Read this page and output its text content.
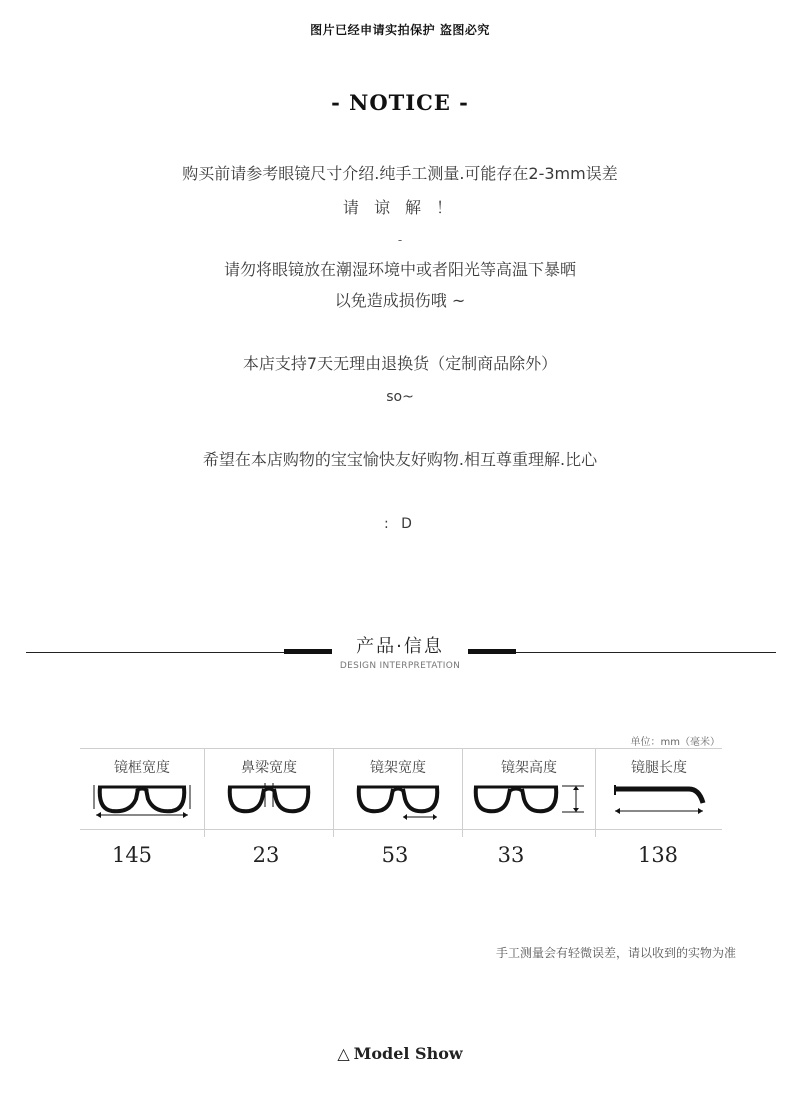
图片已经申请实拍保护 盗图必究
- NOTICE -
购买前请参考眼镜尺寸介绍.纯手工测量.可能存在2-3mm误差
请 谅 解 ！
-
请勿将眼镜放在潮湿环境中或者阳光等高温下暴晒
以免造成损伤哦 ~
本店支持7天无理由退换货（定制商品除外）
so~
希望在本店购物的宝宝愉快友好购物.相互尊重理解.比心
: D
产品·信息
DESIGN INTERPRETATION
单位：mm（毫米）
镜框宽度	鼻梁宽度	镜架宽度	镜架高度	镜腿长度
145	23	53	33	138
手工测量会有轻微误差，请以收到的实物为准
△ Model Show
